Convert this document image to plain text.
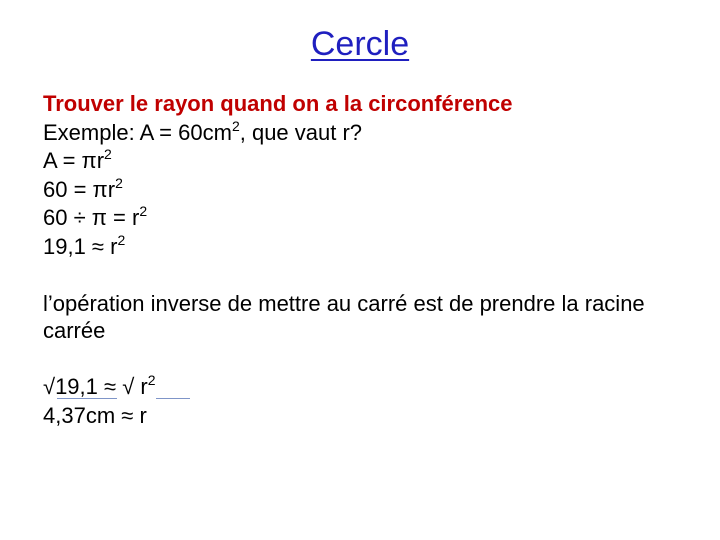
Cercle
Trouver le rayon quand on a la circonférence
Exemple: $A = 60cm^2$, que vaut r?
$A = \pi r^2$
$60 = \pi r^2$
$60 \div \pi = r^2$
$19,1 \approx r^2$
l’opération inverse de mettre au carré est de prendre la racine carrée
√19,1 ≈ √ $r^2$
4,37cm ≈ r
